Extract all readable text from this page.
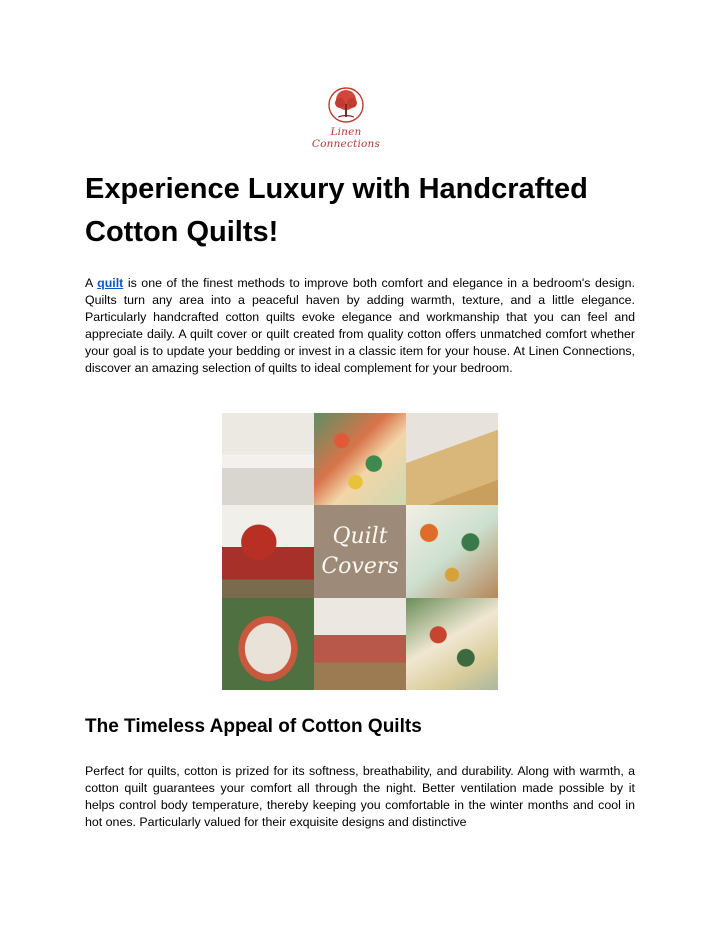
Linen Connections
Experience Luxury with Handcrafted Cotton Quilts!

A quilt is one of the finest methods to improve both comfort and elegance in a bedroom's design. Quilts turn any area into a peaceful haven by adding warmth, texture, and a little elegance. Particularly handcrafted cotton quilts evoke elegance and workmanship that you can feel and appreciate daily. A quilt cover or quilt created from quality cotton offers unmatched comfort whether your goal is to update your bedding or invest in a classic item for your house. At Linen Connections, discover an amazing selection of quilts to ideal complement for your bedroom.

Quilt
Covers
The Timeless Appeal of Cotton Quilts

Perfect for quilts, cotton is prized for its softness, breathability, and durability. Along with warmth, a cotton quilt guarantees your comfort all through the night. Better ventilation made possible by it helps control body temperature, thereby keeping you comfortable in the winter months and cool in hot ones. Particularly valued for their exquisite designs and distinctive
